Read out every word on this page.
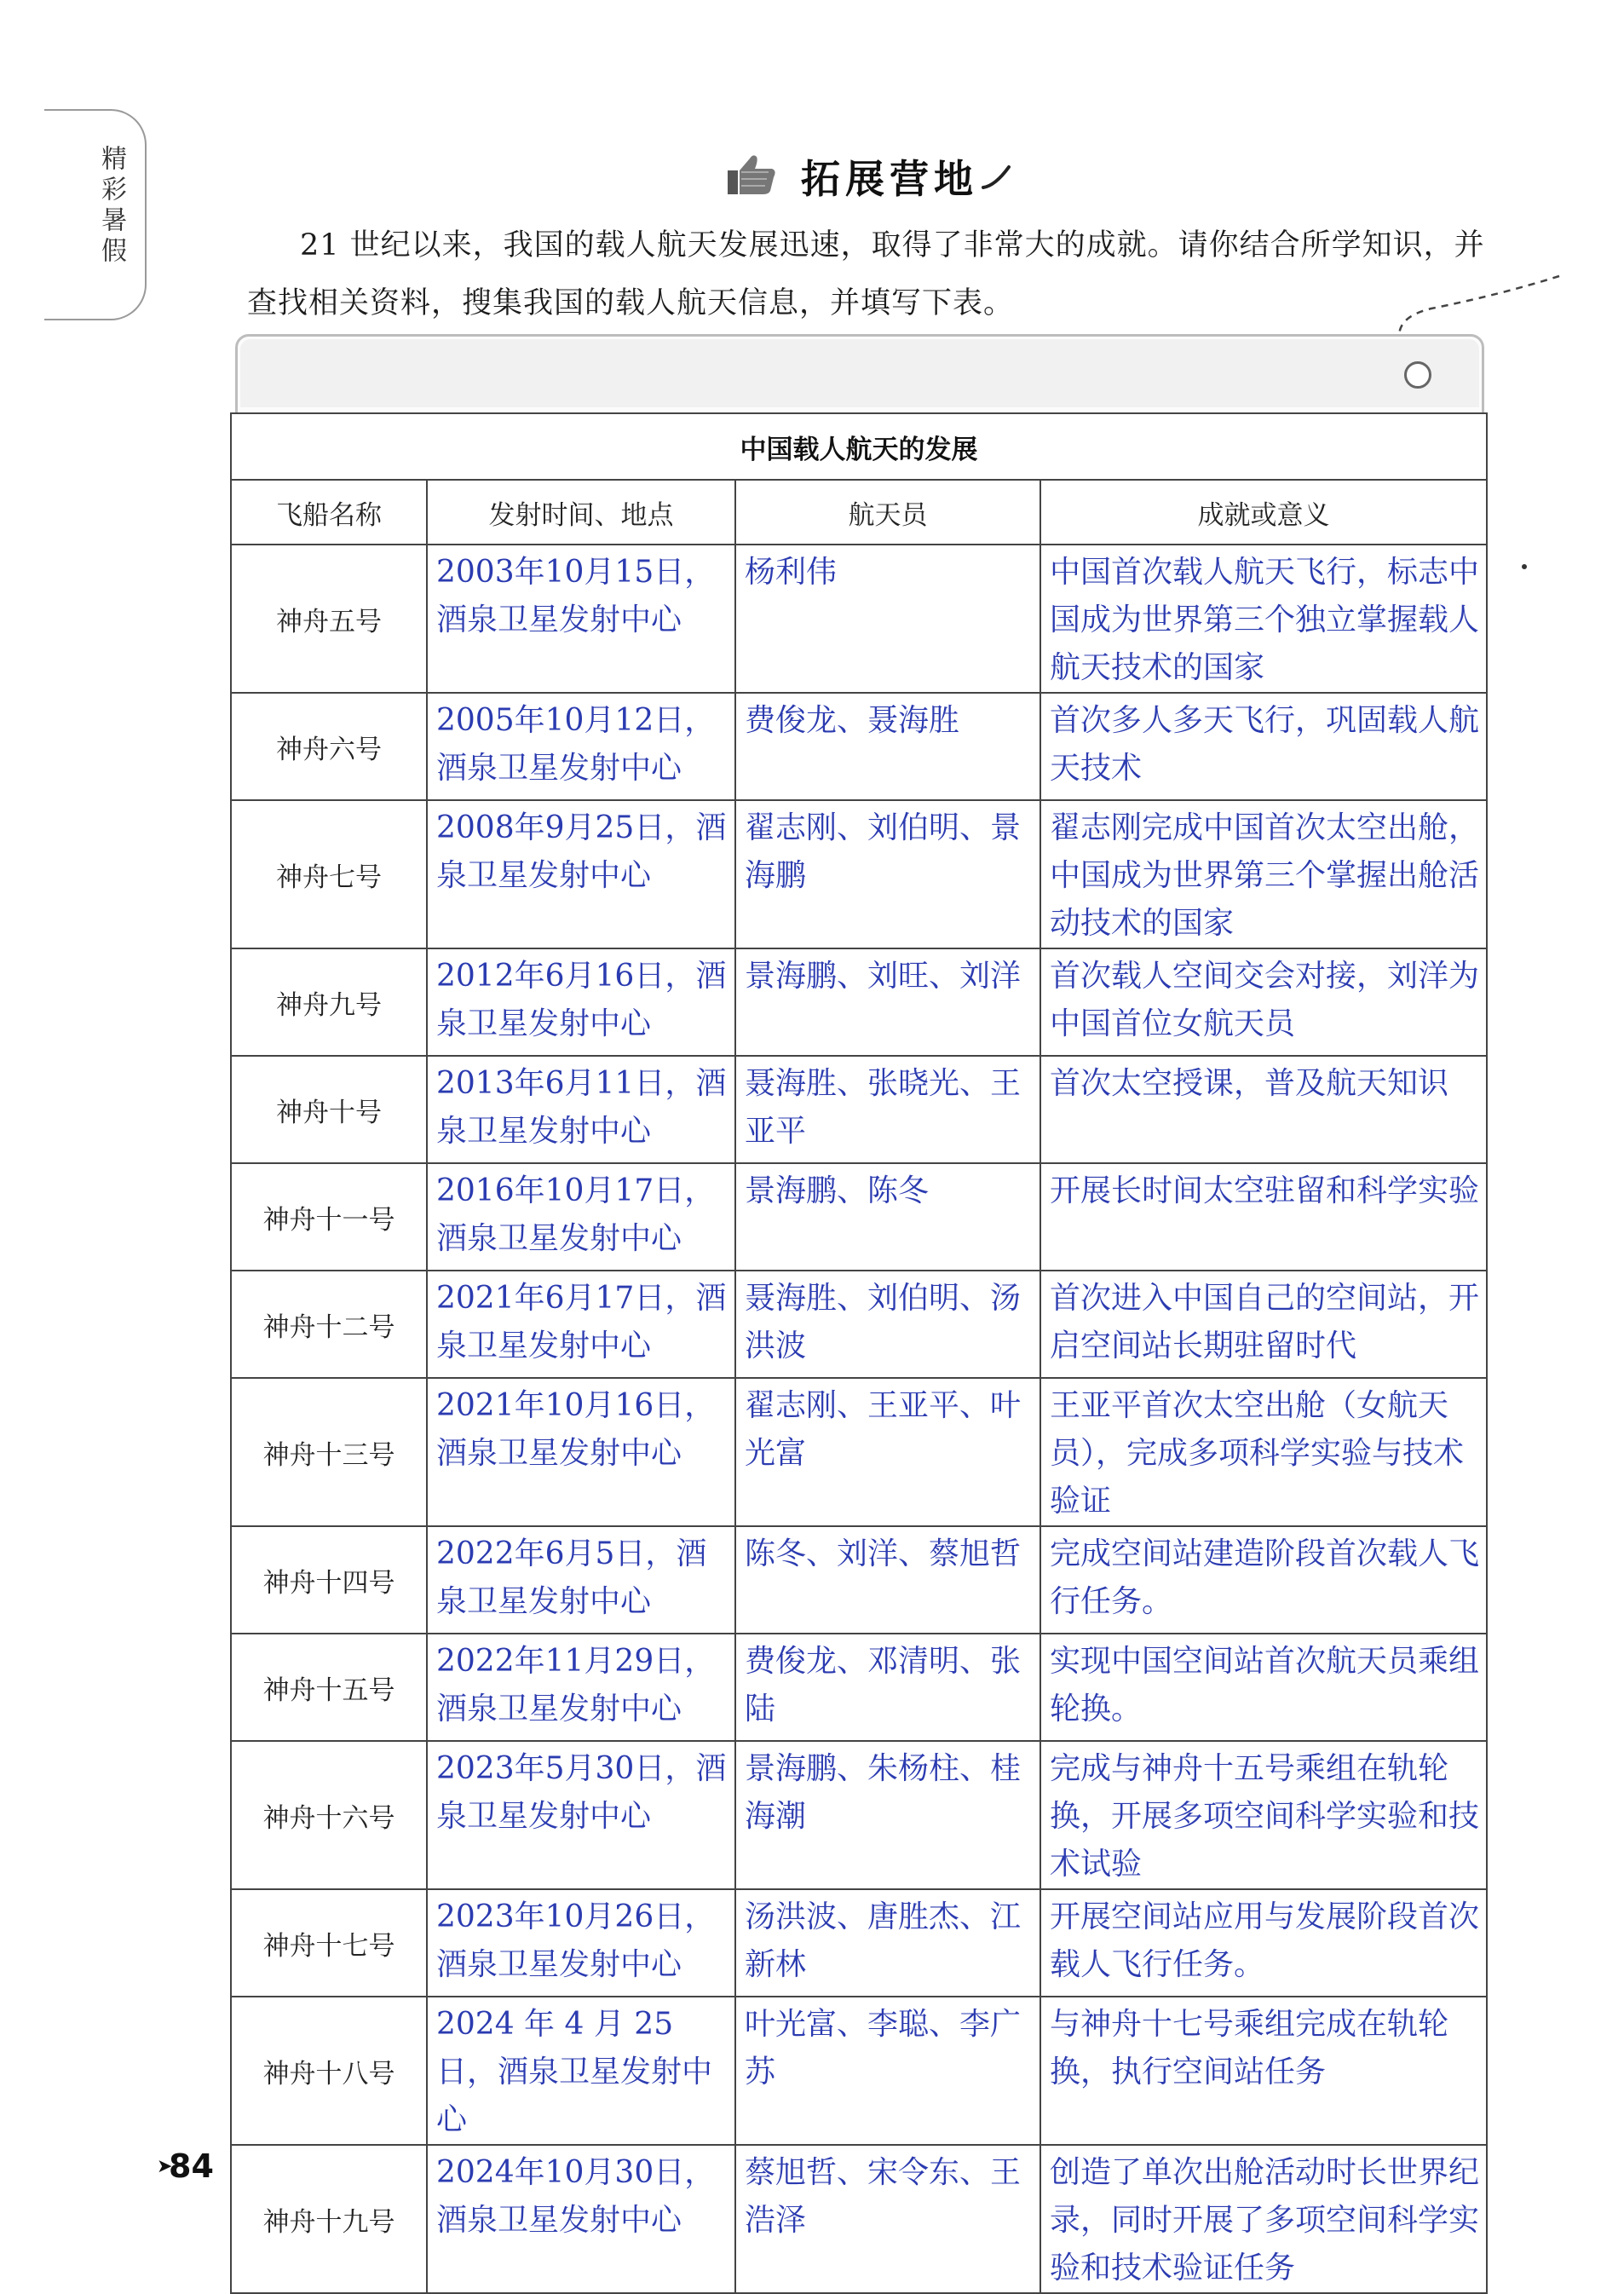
精彩暑假	拓展营地
21 世纪以来，我国的载人航天发展迅速，取得了非常大的成就。请你结合所学知识，并查找相关资料，搜集我国的载人航天信息，并填写下表。
中国载人航天的发展			
飞船名称	发射时间、地点	航天员	成就或意义
神舟五号	2003年10月15日，酒泉卫星发射中心	杨利伟	中国首次载人航天飞行，标志中国成为世界第三个独立掌握载人航天技术的国家
神舟六号	2005年10月12日，酒泉卫星发射中心	费俊龙、聂海胜	首次多人多天飞行，巩固载人航天技术
神舟七号	2008年9月25日，酒泉卫星发射中心	翟志刚、刘伯明、景海鹏	翟志刚完成中国首次太空出舱，中国成为世界第三个掌握出舱活动技术的国家
神舟九号	2012年6月16日，酒泉卫星发射中心	景海鹏、刘旺、刘洋	首次载人空间交会对接，刘洋为中国首位女航天员
神舟十号	2013年6月11日，酒泉卫星发射中心	聂海胜、张晓光、王亚平	首次太空授课，普及航天知识
神舟十一号	2016年10月17日，酒泉卫星发射中心	景海鹏、陈冬	开展长时间太空驻留和科学实验
神舟十二号	2021年6月17日，酒泉卫星发射中心	聂海胜、刘伯明、汤洪波	首次进入中国自己的空间站，开启空间站长期驻留时代
神舟十三号	2021年10月16日，酒泉卫星发射中心	翟志刚、王亚平、叶光富	王亚平首次太空出舱（女航天员），完成多项科学实验与技术验证
神舟十四号	2022年6月5日，酒泉卫星发射中心	陈冬、刘洋、蔡旭哲	完成空间站建造阶段首次载人飞行任务。
神舟十五号	2022年11月29日，酒泉卫星发射中心	费俊龙、邓清明、张陆	实现中国空间站首次航天员乘组轮换。
神舟十六号	2023年5月30日，酒泉卫星发射中心	景海鹏、朱杨柱、桂海潮	完成与神舟十五号乘组在轨轮换，开展多项空间科学实验和技术试验
神舟十七号	2023年10月26日，酒泉卫星发射中心	汤洪波、唐胜杰、江新林	开展空间站应用与发展阶段首次载人飞行任务。
神舟十八号	2024 年 4 月 25 日，酒泉卫星发射中心	叶光富、李聪、李广苏	与神舟十七号乘组完成在轨轮换，执行空间站任务
神舟十九号	2024年10月30日，酒泉卫星发射中心	蔡旭哲、宋令东、王浩泽	创造了单次出舱活动时长世界纪录，同时开展了多项空间科学实验和技术验证任务
➤
84
